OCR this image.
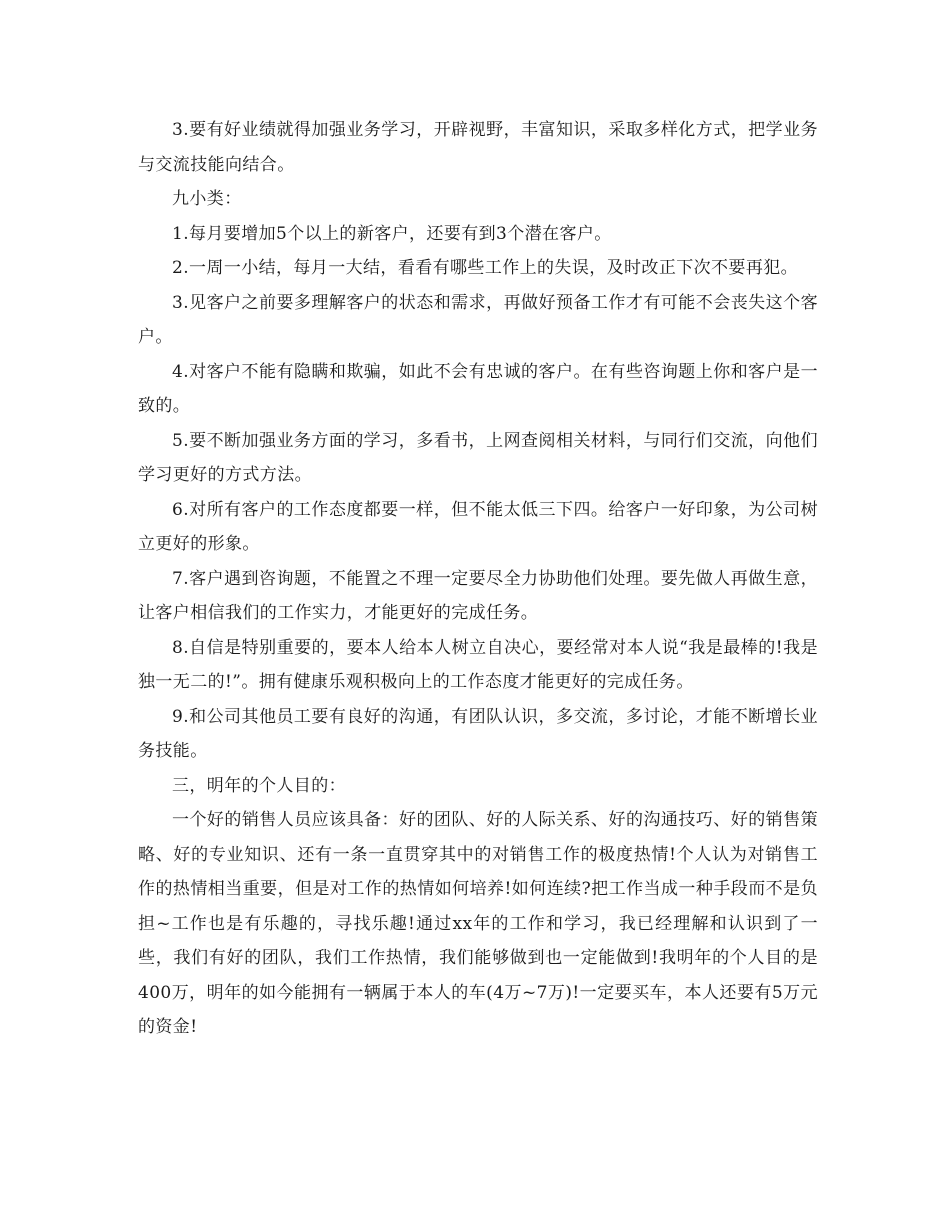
3.要有好业绩就得加强业务学习，开辟视野，丰富知识，采取多样化方式，把学业务与交流技能向结合。

九小类：

1.每月要增加5个以上的新客户，还要有到3个潜在客户。

2.一周一小结，每月一大结，看看有哪些工作上的失误，及时改正下次不要再犯。

3.见客户之前要多理解客户的状态和需求，再做好预备工作才有可能不会丧失这个客户。

4.对客户不能有隐瞒和欺骗，如此不会有忠诚的客户。在有些咨询题上你和客户是一致的。

5.要不断加强业务方面的学习，多看书，上网查阅相关材料，与同行们交流，向他们学习更好的方式方法。

6.对所有客户的工作态度都要一样，但不能太低三下四。给客户一好印象，为公司树立更好的形象。

7.客户遇到咨询题，不能置之不理一定要尽全力协助他们处理。要先做人再做生意，让客户相信我们的工作实力，才能更好的完成任务。

8.自信是特别重要的，要本人给本人树立自决心，要经常对本人说“我是最棒的!我是独一无二的!”。拥有健康乐观积极向上的工作态度才能更好的完成任务。

9.和公司其他员工要有良好的沟通，有团队认识，多交流，多讨论，才能不断增长业务技能。

三，明年的个人目的：

一个好的销售人员应该具备：好的团队、好的人际关系、好的沟通技巧、好的销售策略、好的专业知识、还有一条一直贯穿其中的对销售工作的极度热情!个人认为对销售工作的热情相当重要，但是对工作的热情如何培养!如何连续?把工作当成一种手段而不是负担~工作也是有乐趣的，寻找乐趣!通过xx年的工作和学习，我已经理解和认识到了一些，我们有好的团队，我们工作热情，我们能够做到也一定能做到!我明年的个人目的是400万，明年的如今能拥有一辆属于本人的车(4万~7万)!一定要买车，本人还要有5万元的资金!
